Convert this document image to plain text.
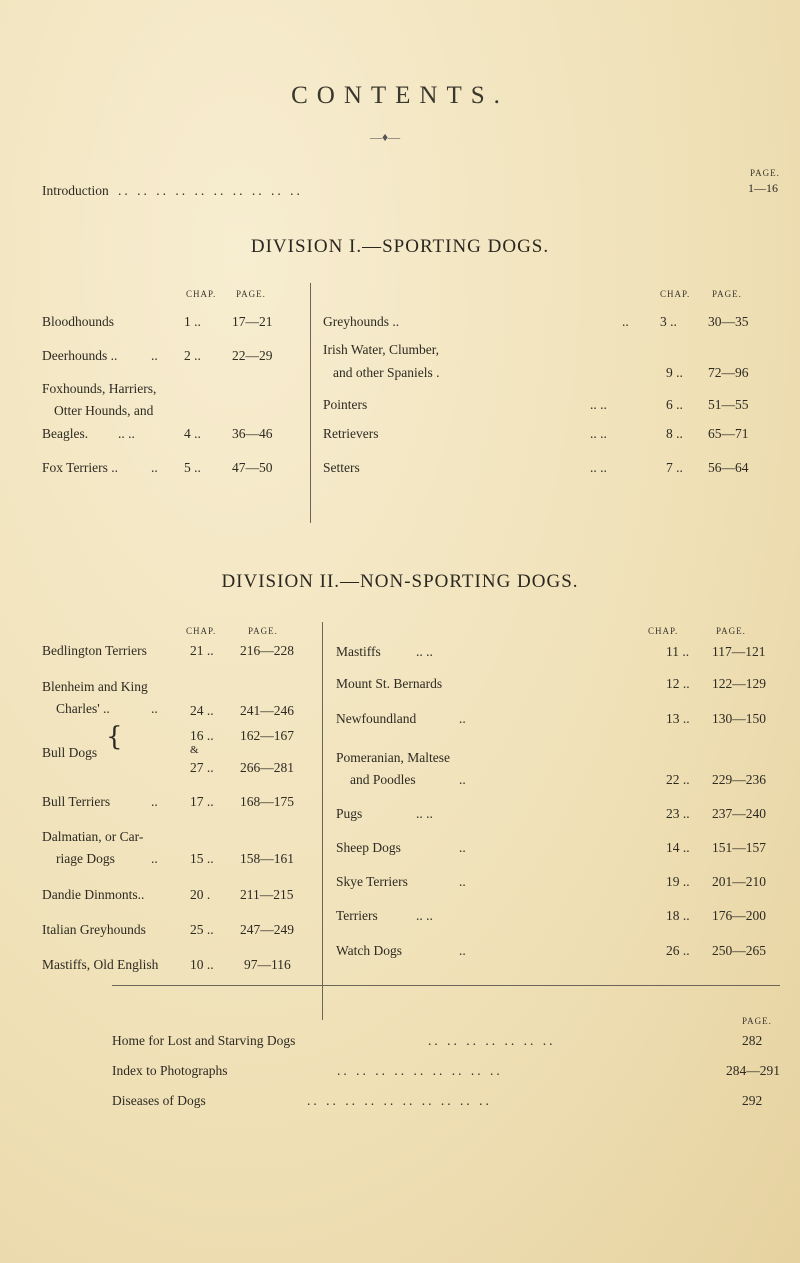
CONTENTS.
—♦—
PAGE.
Introduction .. .. .. .. .. .. .. .. .. ..	1—16
DIVISION I.—SPORTING DOGS.
CHAP. PAGE.	CHAP. PAGE.
Bloodhounds	1 .. 17—21
Deerhounds .. .. 2 .. 22—29
Foxhounds, Harriers,
Otter Hounds, and
Beagles. .. ..	4 .. 36—46
Fox Terriers .. .. 5 .. 47—50
Greyhounds ..	.. 3 .. 30—35
Irish Water, Clumber,
and other Spaniels .	9 .. 72—96
Pointers	.. ..	6 .. 51—55
Retrievers	.. ..	8 .. 65—71
Setters	.. ..	7 .. 56—64
DIVISION II.—NON-SPORTING DOGS.
CHAP.	PAGE.	CHAP.	PAGE.
Bedlington Terriers	21 .. 216—228
Blenheim and King
Charles' ..	.. 24 .. 241—246
Bull Dogs
{	16 .. 162—167
&
27 .. 266—281
Bull Terriers	.. 17 .. 168—175
Dalmatian, or Car-
riage Dogs	.. 15 .. 158—161
Dandie Dinmonts..	20 . 211—215
Italian Greyhounds	25 .. 247—249
Mastiffs, Old English 10 .. 97—116
Mastiffs	.. ..	11 .. 117—121
Mount St. Bernards	12 .. 122—129
Newfoundland	..	13 .. 130—150
Pomeranian, Maltese
and Poodles	..	22 .. 229—236
Pugs	.. ..	23 .. 237—240
Sheep Dogs	..	14 .. 151—157
Skye Terriers	..	19 .. 201—210
Terriers	.. ..	18 .. 176—200
Watch Dogs	..	26 .. 250—265
PAGE.
Home for Lost and Starving Dogs	.. .. .. .. .. .. ..	282
Index to Photographs	.. .. .. .. .. .. .. .. ..	284—291
Diseases of Dogs	.. .. .. .. .. .. .. .. .. ..	292
